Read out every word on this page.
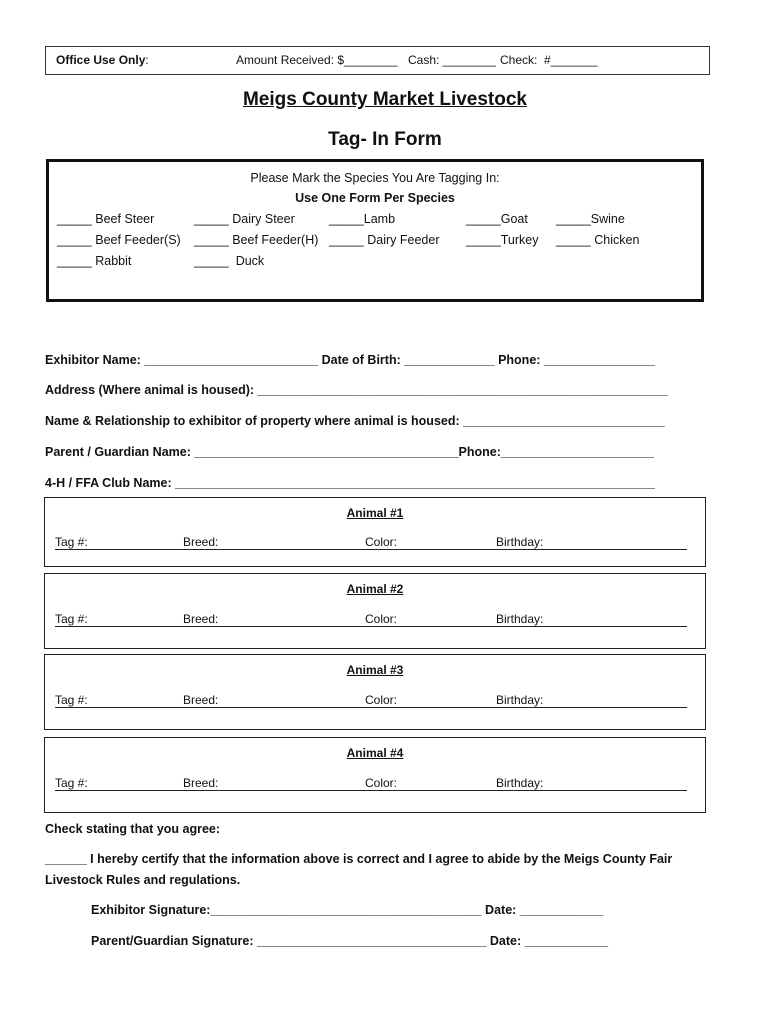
Office Use Only:	Amount Received: $________ Cash: ________ Check:  #_______
Meigs County Market Livestock
Tag- In Form
Please Mark the Species You Are Tagging In:
Use One Form Per Species
_____ Beef Steer	_____ Dairy Steer	_____Lamb	_____Goat _____Swine
_____ Beef Feeder(S) _____ Beef Feeder(H) _____ Dairy Feeder _____Turkey _____ Chicken
_____ Rabbit	_____  Duck
Exhibitor Name: _________________________ Date of Birth: _____________ Phone: ________________
Address (Where animal is housed): ___________________________________________________________
Name & Relationship to exhibitor of property where animal is housed: _____________________________
Parent / Guardian Name: ______________________________________Phone:______________________
4-H / FFA Club Name: _____________________________________________________________________
Animal #1
Tag #:	Breed:	Color:	Birthday:
Animal #2
Tag #:	Breed:	Color:	Birthday:
Animal #3
Tag #:	Breed:	Color:	Birthday:
Animal #4
Tag #:	Breed:	Color:	Birthday:
Check stating that you agree:
______ I hereby certify that the information above is correct and I agree to abide by the Meigs County Fair
Livestock Rules and regulations.
Exhibitor Signature:_______________________________________ Date: ____________
Parent/Guardian Signature: _________________________________ Date: ____________
